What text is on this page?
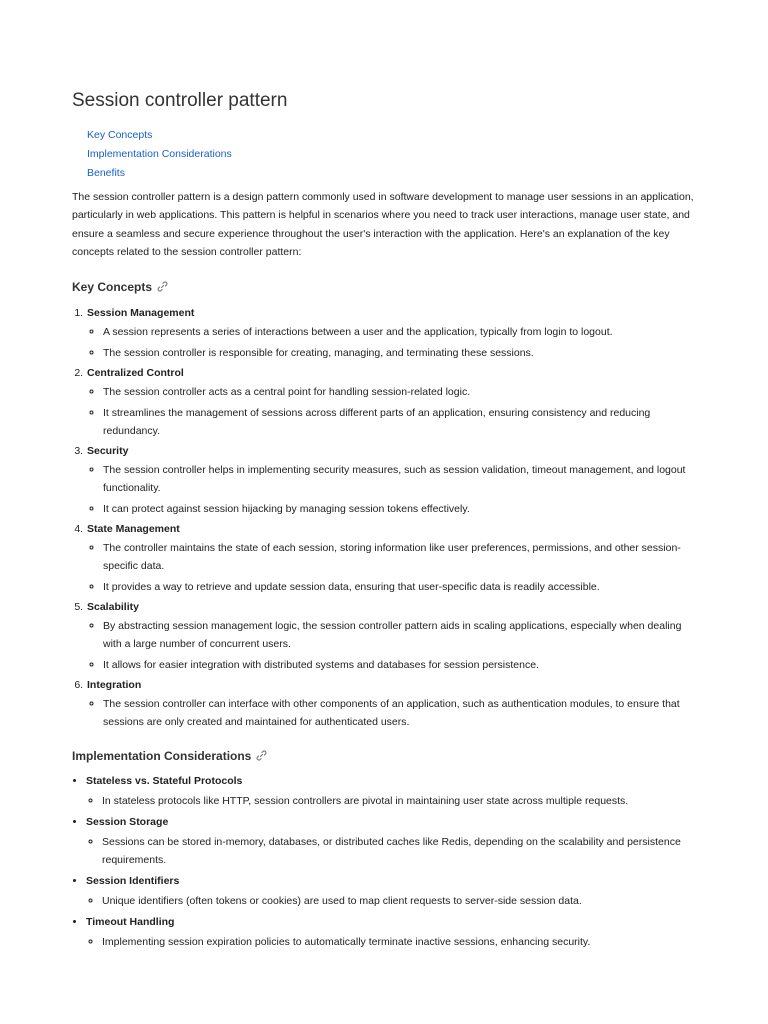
Session controller pattern
Key Concepts
Implementation Considerations
Benefits

The session controller pattern is a design pattern commonly used in software development to manage user sessions in an application, particularly in web applications. This pattern is helpful in scenarios where you need to track user interactions, manage user state, and ensure a seamless and secure experience throughout the user's interaction with the application. Here's an explanation of the key concepts related to the session controller pattern:

Key Concepts
1. Session Management
◦ A session represents a series of interactions between a user and the application, typically from login to logout.
◦ The session controller is responsible for creating, managing, and terminating these sessions.
2. Centralized Control
◦ The session controller acts as a central point for handling session-related logic.
◦ It streamlines the management of sessions across different parts of an application, ensuring consistency and reducing redundancy.
3. Security
◦ The session controller helps in implementing security measures, such as session validation, timeout management, and logout functionality.
◦ It can protect against session hijacking by managing session tokens effectively.
4. State Management
◦ The controller maintains the state of each session, storing information like user preferences, permissions, and other session-specific data.
◦ It provides a way to retrieve and update session data, ensuring that user-specific data is readily accessible.
5. Scalability
◦ By abstracting session management logic, the session controller pattern aids in scaling applications, especially when dealing with a large number of concurrent users.
◦ It allows for easier integration with distributed systems and databases for session persistence.
6. Integration
◦ The session controller can interface with other components of an application, such as authentication modules, to ensure that sessions are only created and maintained for authenticated users.
Implementation Considerations
• Stateless vs. Stateful Protocols
◦ In stateless protocols like HTTP, session controllers are pivotal in maintaining user state across multiple requests.
• Session Storage
◦ Sessions can be stored in-memory, databases, or distributed caches like Redis, depending on the scalability and persistence requirements.
• Session Identifiers
◦ Unique identifiers (often tokens or cookies) are used to map client requests to server-side session data.
• Timeout Handling
◦ Implementing session expiration policies to automatically terminate inactive sessions, enhancing security.
